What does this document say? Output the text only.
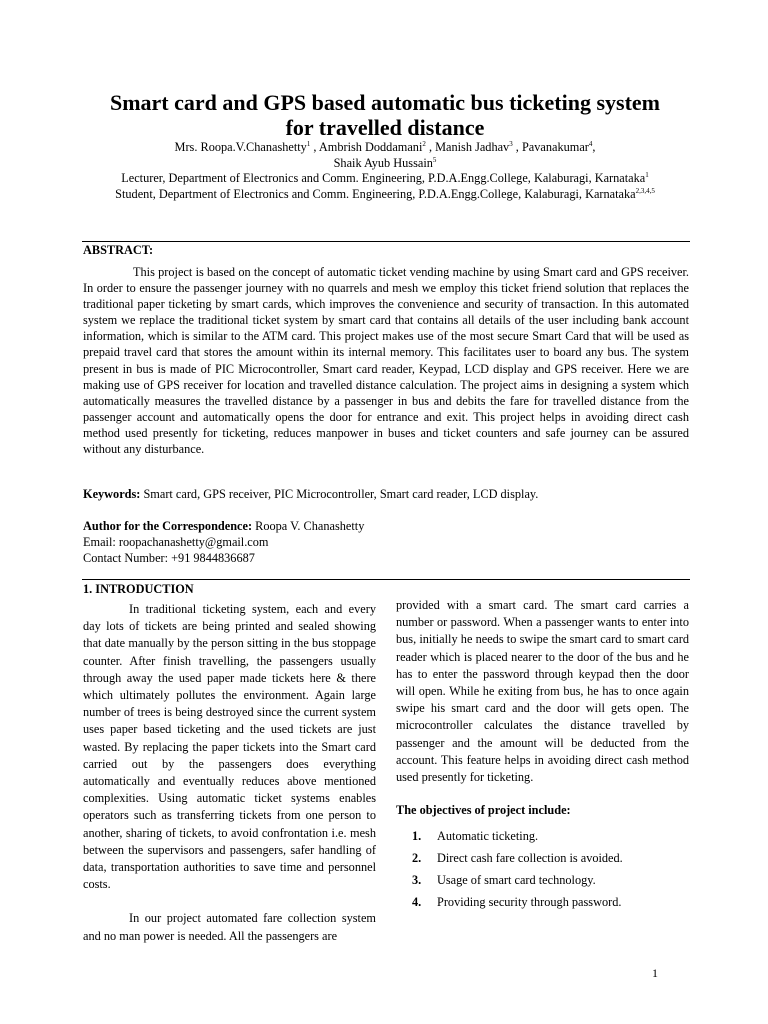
Smart card and GPS based automatic bus ticketing system
for travelled distance
Mrs. Roopa.V.Chanashetty$^1$ , Ambrish Doddamani$^2$ , Manish Jadhav$^3$ , Pavanakumar$^4$,
Shaik Ayub Hussain$^5$
Lecturer, Department of Electronics and Comm. Engineering, P.D.A.Engg.College, Kalaburagi, Karnataka$^1$
Student, Department of Electronics and Comm. Engineering, P.D.A.Engg.College, Kalaburagi, Karnataka$^{2,3,4,5}$
ABSTRACT:

This project is based on the concept of automatic ticket vending machine by using Smart card and GPS receiver. In order to ensure the passenger journey with no quarrels and mesh we employ this ticket friend solution that replaces the traditional paper ticketing by smart cards, which improves the convenience and security of transaction. In this automated system we replace the traditional ticket system by smart card that contains all details of the user including bank account information, which is similar to the ATM card. This project makes use of the most secure Smart Card that will be used as prepaid travel card that stores the amount within its internal memory. This facilitates user to board any bus. The system present in bus is made of PIC Microcontroller, Smart card reader, Keypad, LCD display and GPS receiver. Here we are making use of GPS receiver for location and travelled distance calculation. The project aims in designing a system which automatically measures the travelled distance by a passenger in bus and debits the fare for travelled distance from the passenger account and automatically opens the door for entrance and exit. This project helps in avoiding direct cash method used presently for ticketing, reduces manpower in buses and ticket counters and safe journey can be assured without any disturbance.

Keywords: Smart card, GPS receiver, PIC Microcontroller, Smart card reader, LCD display.
Author for the Correspondence: Roopa V. Chanashetty
Email: roopachanashetty@gmail.com
Contact Number: +91 9844836687
1. INTRODUCTION

In traditional ticketing system, each and every day lots of tickets are being printed and sealed showing that date manually by the person sitting in the bus stoppage counter. After finish travelling, the passengers usually through away the used paper made tickets here & there which ultimately pollutes the environment. Again large number of trees is being destroyed since the current system uses paper based ticketing and the used tickets are just wasted. By replacing the paper tickets into the Smart card carried out by the passengers does everything automatically and eventually reduces above mentioned complexities. Using automatic ticket systems enables operators such as transferring tickets from one person to another, sharing of tickets, to avoid confrontation i.e. mesh between the supervisors and passengers, safer handling of data, transportation authorities to save time and personnel costs.

In our project automated fare collection system and no man power is needed. All the passengers are

provided with a smart card. The smart card carries a number or password. When a passenger wants to enter into bus, initially he needs to swipe the smart card to smart card reader which is placed nearer to the door of the bus and he has to enter the password through keypad then the door will open. While he exiting from bus, he has to once again swipe his smart card and the door will gets open. The microcontroller calculates the distance travelled by passenger and the amount will be deducted from the account. This feature helps in avoiding direct cash method used presently for ticketing.

The objectives of project include:
1.	Automatic ticketing.
2.	Direct cash fare collection is avoided.
3.	Usage of smart card technology.
4.	Providing security through password.
1
